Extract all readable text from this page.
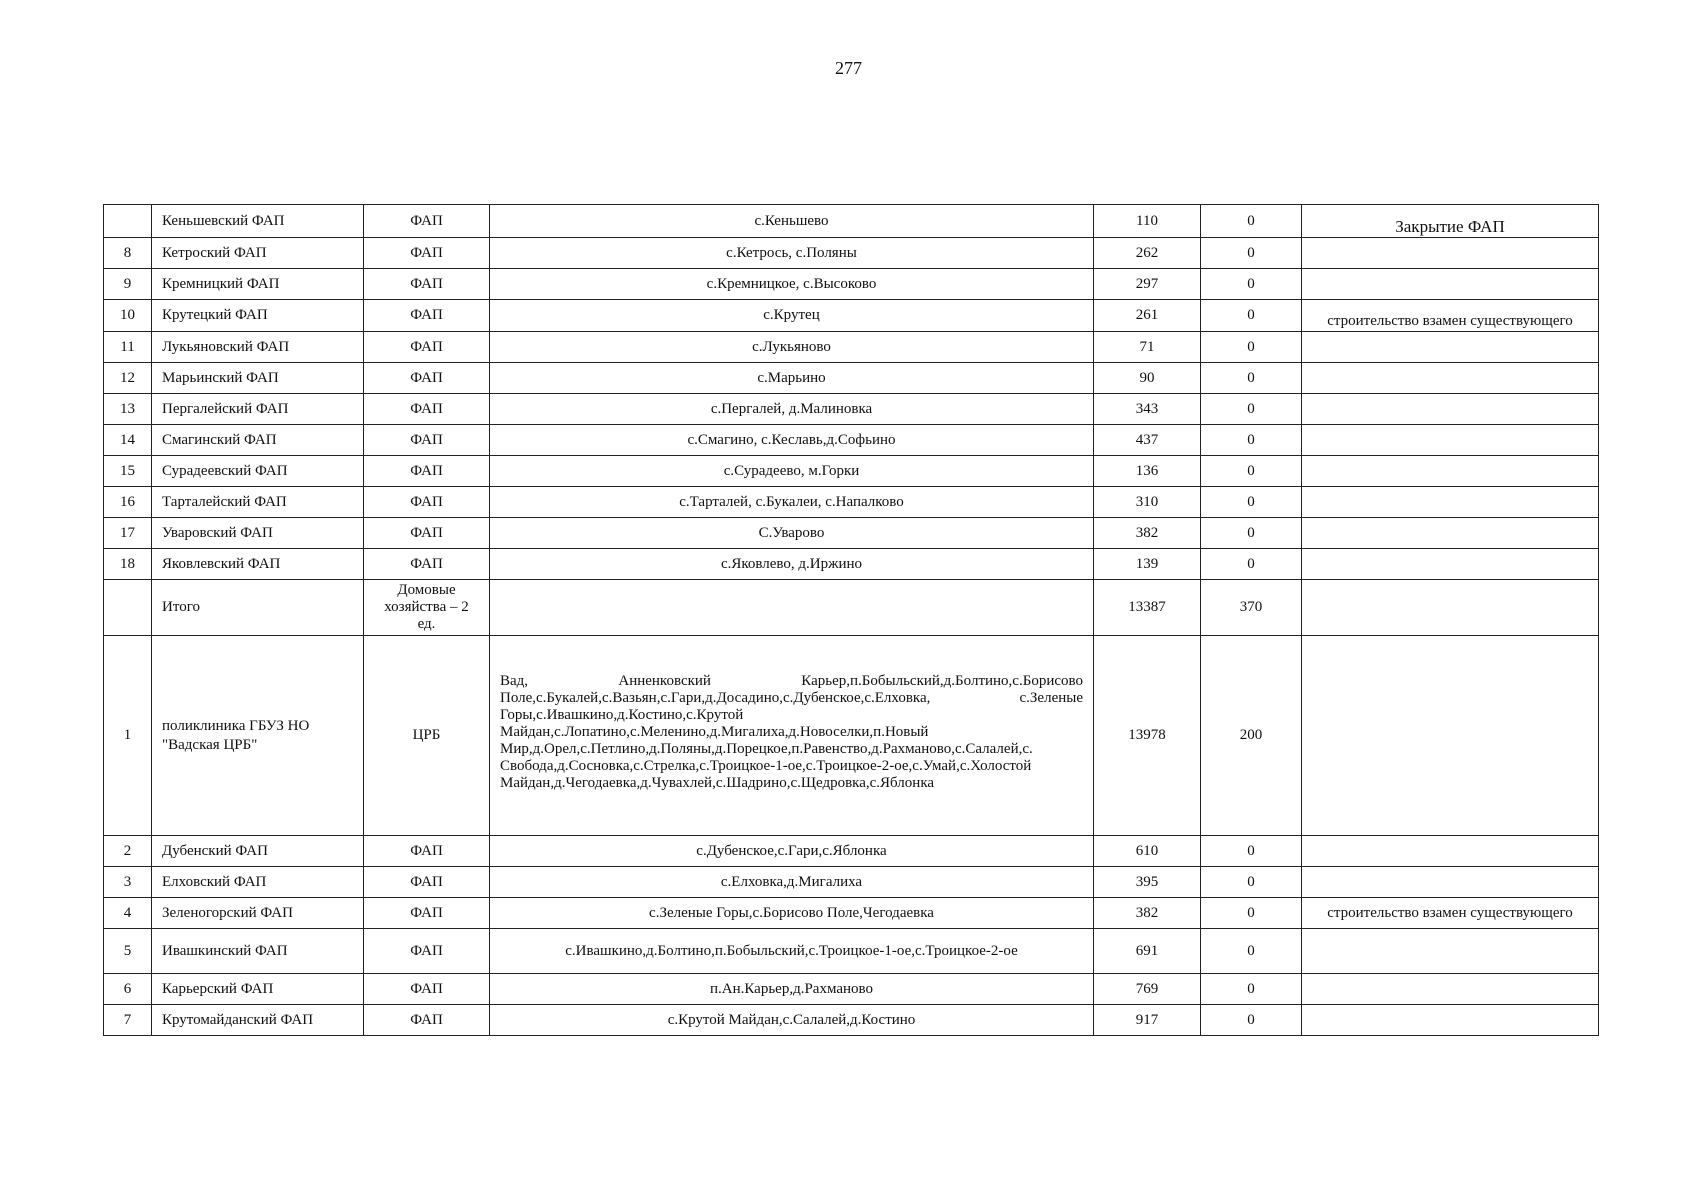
277
	Кеньшевский ФАП	ФАП	с.Кеньшево	110	0	Закрытие ФАП
8	Кетроский ФАП	ФАП	с.Кетрось, с.Поляны	262	0	
9	Кремницкий ФАП	ФАП	с.Кремницкое, с.Высоково	297	0	
10	Крутецкий ФАП	ФАП	с.Крутец	261	0	строительство взамен существующего
11	Лукьяновский ФАП	ФАП	с.Лукьяново	71	0	
12	Марьинский ФАП	ФАП	с.Марьино	90	0	
13	Пергалейский ФАП	ФАП	с.Пергалей, д.Малиновка	343	0	
14	Смагинский ФАП	ФАП	с.Смагино, с.Кеславь,д.Софьино	437	0	
15	Сурадеевский ФАП	ФАП	с.Сурадеево, м.Горки	136	0	
16	Тарталейский ФАП	ФАП	с.Тарталей, с.Букалеи, с.Напалково	310	0	
17	Уваровский ФАП	ФАП	С.Уварово	382	0	
18	Яковлевский ФАП	ФАП	с.Яковлево, д.Иржино	139	0	
	Итого	Домовые хозяйства – 2 ед.		13387	370	
1	поликлиника ГБУЗ НО "Вадская ЦРБ"	ЦРБ	Вад, Анненковский Карьер,п.Бобыльский,д.Болтино,с.Борисово Поле,с.Букалей,с.Вазьян,с.Гари,д.Досадино,с.Дубенское,с.Елховка, с.Зеленые Горы,с.Ивашкино,д.Костино,с.Крутой Майдан,с.Лопатино,с.Меленино,д.Мигалиха,д.Новоселки,п.Новый Мир,д.Орел,с.Петлино,д.Поляны,д.Порецкое,п.Равенство,д.Рахманово,с.Салалей,с. Свобода,д.Сосновка,с.Стрелка,с.Троицкое-1-ое,с.Троицкое-2-ое,с.Умай,с.Холостой Майдан,д.Чегодаевка,д.Чувахлей,с.Шадрино,с.Щедровка,с.Яблонка	13978	200	
2	Дубенский ФАП	ФАП	с.Дубенское,с.Гари,с.Яблонка	610	0	
3	Елховский ФАП	ФАП	с.Елховка,д.Мигалиха	395	0	
4	Зеленогорский ФАП	ФАП	с.Зеленые Горы,с.Борисово Поле,Чегодаевка	382	0	строительство взамен существующего
5	Ивашкинский ФАП	ФАП	с.Ивашкино,д.Болтино,п.Бобыльский,с.Троицкое-1-ое,с.Троицкое-2-ое	691	0	
6	Карьерский ФАП	ФАП	п.Ан.Карьер,д.Рахманово	769	0	
7	Крутомайданский ФАП	ФАП	с.Крутой Майдан,с.Салалей,д.Костино	917	0	
